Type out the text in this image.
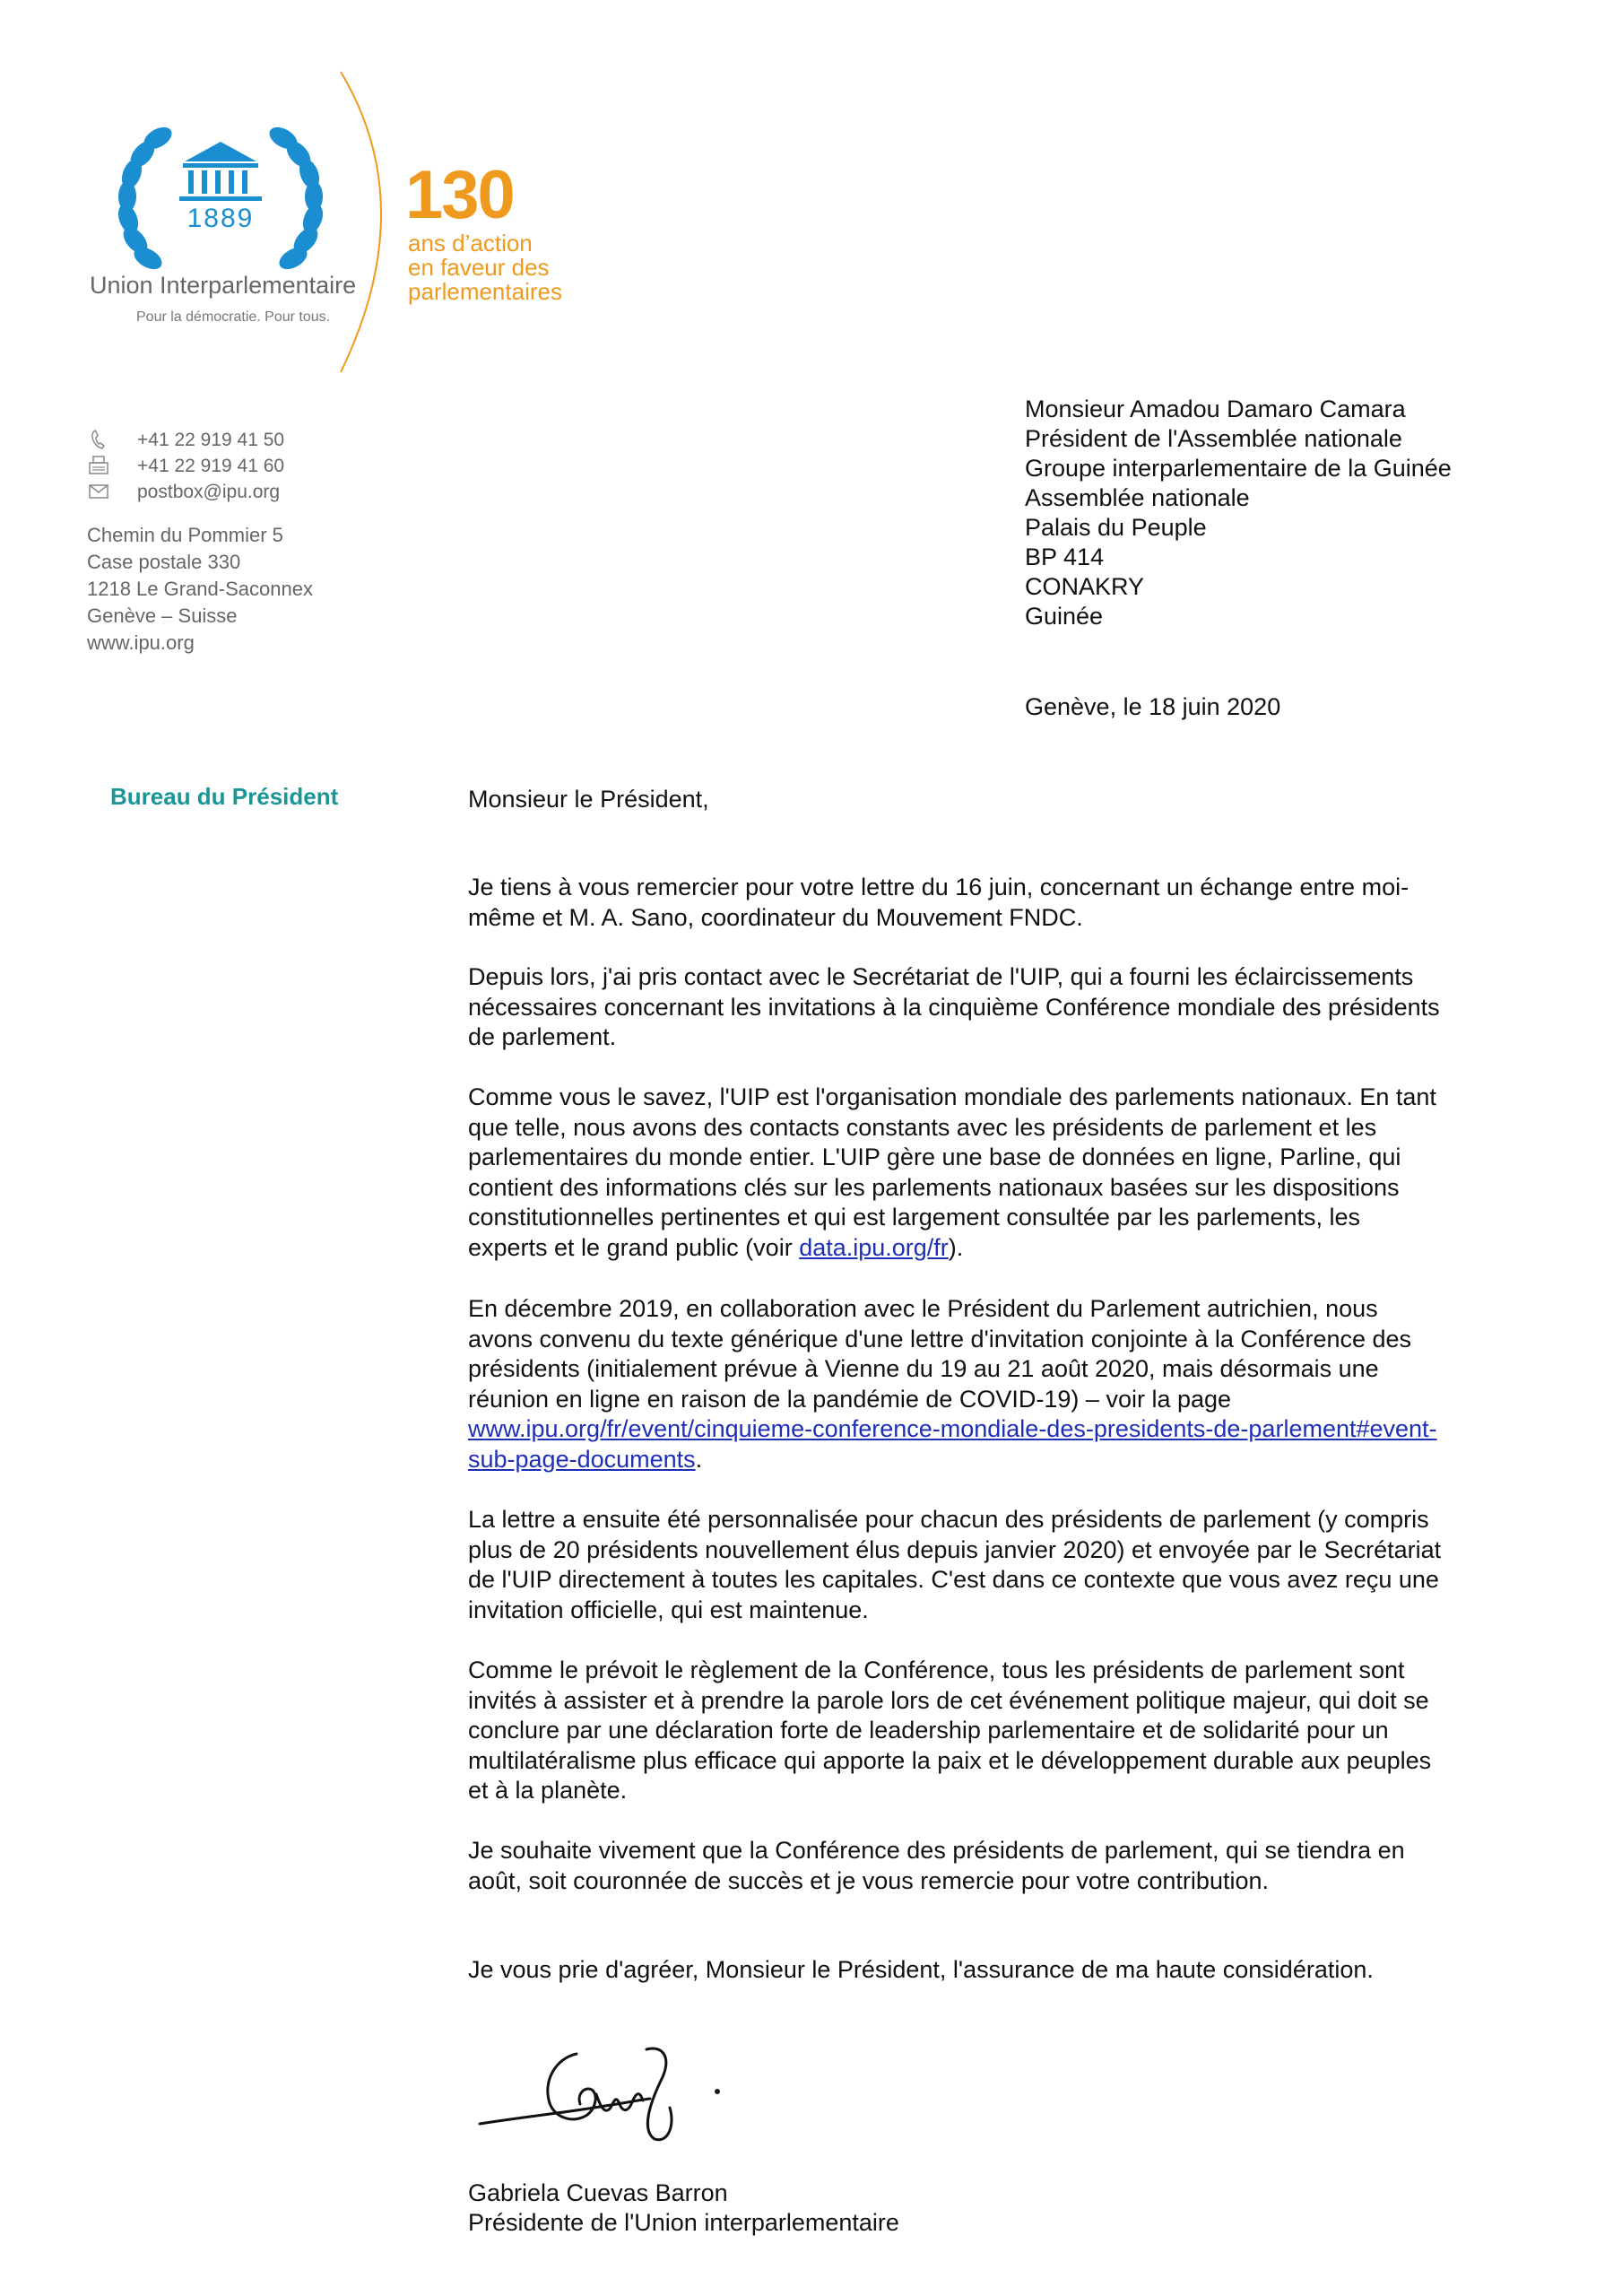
1889
Union Interparlementaire
Pour la démocratie. Pour tous.
130
ans d’action
en faveur des
parlementaires
+41 22 919 41 50
+41 22 919 41 60
postbox@ipu.org
Chemin du Pommier 5
Case postale 330
1218 Le Grand-Saconnex
Genève – Suisse
www.ipu.org
Monsieur Amadou Damaro Camara
Président de l'Assemblée nationale
Groupe interparlementaire de la Guinée
Assemblée nationale
Palais du Peuple
BP 414
CONAKRY
Guinée
Genève, le 18 juin 2020
Bureau du Président	Monsieur le Président,
Je tiens à vous remercier pour votre lettre du 16 juin, concernant un échange entre moi-
même et M. A. Sano, coordinateur du Mouvement FNDC.
Depuis lors, j'ai pris contact avec le Secrétariat de l'UIP, qui a fourni les éclaircissements
nécessaires concernant les invitations à la cinquième Conférence mondiale des présidents
de parlement.
Comme vous le savez, l'UIP est l'organisation mondiale des parlements nationaux. En tant
que telle, nous avons des contacts constants avec les présidents de parlement et les
parlementaires du monde entier. L'UIP gère une base de données en ligne, Parline, qui
contient des informations clés sur les parlements nationaux basées sur les dispositions
constitutionnelles pertinentes et qui est largement consultée par les parlements, les
experts et le grand public (voir data.ipu.org/fr).
En décembre 2019, en collaboration avec le Président du Parlement autrichien, nous
avons convenu du texte générique d'une lettre d'invitation conjointe à la Conférence des
présidents (initialement prévue à Vienne du 19 au 21 août 2020, mais désormais une
réunion en ligne en raison de la pandémie de COVID-19) – voir la page
www.ipu.org/fr/event/cinquieme-conference-mondiale-des-presidents-de-parlement#event-
sub-page-documents.
La lettre a ensuite été personnalisée pour chacun des présidents de parlement (y compris
plus de 20 présidents nouvellement élus depuis janvier 2020) et envoyée par le Secrétariat
de l'UIP directement à toutes les capitales. C'est dans ce contexte que vous avez reçu une
invitation officielle, qui est maintenue.
Comme le prévoit le règlement de la Conférence, tous les présidents de parlement sont
invités à assister et à prendre la parole lors de cet événement politique majeur, qui doit se
conclure par une déclaration forte de leadership parlementaire et de solidarité pour un
multilatéralisme plus efficace qui apporte la paix et le développement durable aux peuples
et à la planète.
Je souhaite vivement que la Conférence des présidents de parlement, qui se tiendra en
août, soit couronnée de succès et je vous remercie pour votre contribution.
Je vous prie d'agréer, Monsieur le Président, l'assurance de ma haute considération.
Gabriela Cuevas Barron
Présidente de l'Union interparlementaire
